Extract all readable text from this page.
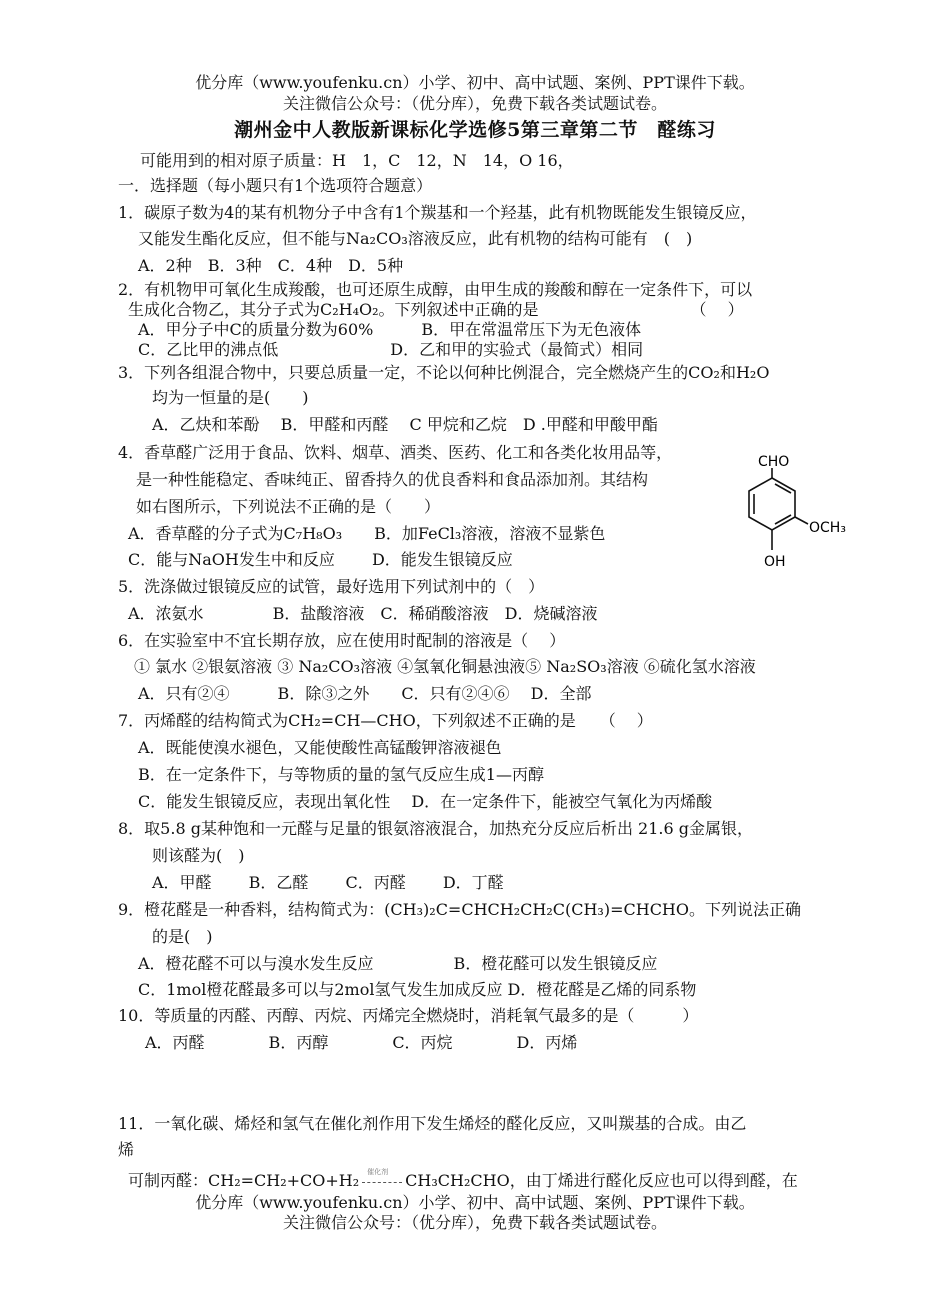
优分库（www.youfenku.cn）小学、初中、高中试题、案例、PPT课件下载。
关注微信公众号：（优分库），免费下载各类试题试卷。
潮州金中人教版新课标化学选修5第三章第二节　醛练习
可能用到的相对原子质量：H　1，C　12，N　14，O 16，
一．选择题（每小题只有1个选项符合题意）
1．碳原子数为4的某有机物分子中含有1个羰基和一个羟基，此有机物既能发生银镜反应，
又能发生酯化反应，但不能与Na₂CO₃溶液反应，此有机物的结构可能有　(　)
A．2种　B．3种　C．4种　D．5种
2．有机物甲可氧化生成羧酸，也可还原生成醇，由甲生成的羧酸和醇在一定条件下，可以
生成化合物乙，其分子式为C₂H₄O₂。下列叙述中正确的是　　　　　　　　　　（　 ）
A．甲分子中C的质量分数为60%　　　B．甲在常温常压下为无色液体
C．乙比甲的沸点低　　　　　　　D．乙和甲的实验式（最简式）相同
3．下列各组混合物中，只要总质量一定，不论以何种比例混合，完全燃烧产生的CO₂和H₂O
均为一恒量的是(　　)
A．乙炔和苯酚　 B．甲醛和丙醛　 C 甲烷和乙烷　D .甲醛和甲酸甲酯
4．香草醛广泛用于食品、饮料、烟草、酒类、医药、化工和各类化妆用品等，
是一种性能稳定、香味纯正、留香持久的优良香料和食品添加剂。其结构
如右图所示，下列说法不正确的是（　　）
A．香草醛的分子式为C₇H₈O₃　　B．加FeCl₃溶液，溶液不显紫色
C．能与NaOH发生中和反应　　 D．能发生银镜反应
CHO
OCH₃
OH
5．洗涤做过银镜反应的试管，最好选用下列试剂中的（　）
A．浓氨水　　　　 B．盐酸溶液　C．稀硝酸溶液　D．烧碱溶液
6．在实验室中不宜长期存放，应在使用时配制的溶液是（　 ）
① 氯水 ②银氨溶液 ③ Na₂CO₃溶液 ④氢氧化铜悬浊液⑤ Na₂SO₃溶液 ⑥硫化氢水溶液
A．只有②④　　　B．除③之外　　C．只有②④⑥　 D．全部
7．丙烯醛的结构简式为CH₂=CH—CHO，下列叙述不正确的是　　（　 ）
A．既能使溴水褪色，又能使酸性高锰酸钾溶液褪色
B．在一定条件下，与等物质的量的氢气反应生成1—丙醇
C．能发生银镜反应，表现出氧化性　 D．在一定条件下，能被空气氧化为丙烯酸
8．取5.8 g某种饱和一元醛与足量的银氨溶液混合，加热充分反应后析出 21.6 g金属银，
则该醛为(　)
A．甲醛　　 B．乙醛　　 C．丙醛　　 D．丁醛
9．橙花醛是一种香料，结构简式为：(CH₃)₂C=CHCH₂CH₂C(CH₃)=CHCHO。下列说法正确
的是(　)
A．橙花醛不可以与溴水发生反应　　　　　B．橙花醛可以发生银镜反应
C．1mol橙花醛最多可以与2mol氢气发生加成反应 D．橙花醛是乙烯的同系物
10．等质量的丙醛、丙醇、丙烷、丙烯完全燃烧时，消耗氧气最多的是（　　　）
A．丙醛　　　　B．丙醇　　　　C．丙烷　　　　D．丙烯
11．一氧化碳、烯烃和氢气在催化剂作用下发生烯烃的醛化反应，又叫羰基的合成。由乙
烯
可制丙醛：CH₂=CH₂+CO+H₂ 催化剂 CH₃CH₂CHO，由丁烯进行醛化反应也可以得到醛，在
优分库（www.youfenku.cn）小学、初中、高中试题、案例、PPT课件下载。
关注微信公众号：（优分库），免费下载各类试题试卷。
